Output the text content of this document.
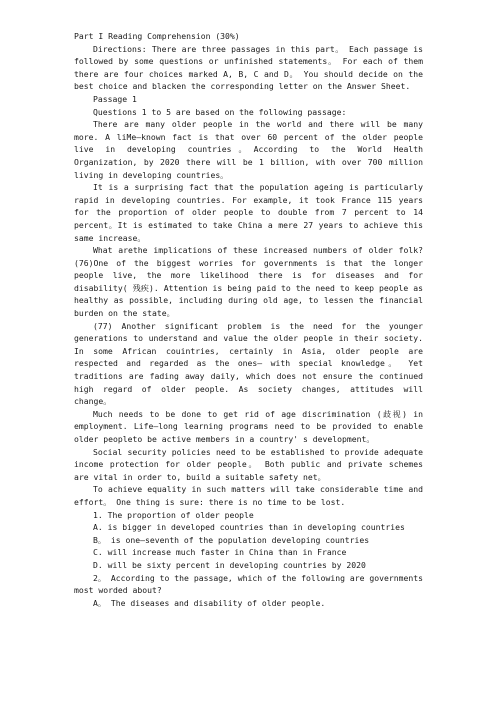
Part I Reading Comprehension (30%)

Directions: There are three passages in this part。 Each passage is followed by some questions or unfinished statements。 For each of them there are four choices marked A, B, C and D。 You should decide on the best choice and blacken the corresponding letter on the Answer Sheet.

Passage 1
Questions 1 to 5 are based on the following passage:

There are many older people in the world and there will be many more. A liMe—known fact is that over 60 percent of the older people live in developing countries。According to the World Health Organization, by 2020 there will be 1 billion, with over 700 million living in developing countries。

It is a surprising fact that the population ageing is particularly rapid in developing countries. For example, it took France 115 years for the proportion of older people to double from 7 percent to 14 percent。It is estimated to take China a mere 27 years to achieve this same increase。

What arethe implications of these increased numbers of older folk? (76)One of the biggest worries for governments is that the longer people live, the more likelihood there is for diseases and for disability( 残疾). Attention is being paid to the need to keep people as healthy as possible, including during old age, to lessen the financial burden on the state。

(77) Another significant problem is the need for the younger generations to understand and value the older people in their society. In some African couintries, certainly in Asia, older people are respected and regarded as the ones— with special knowledge。 Yet traditions are fading away daily, which does not ensure the continued high regard of older people. As society changes, attitudes will change。

Much needs to be done to get rid of age discrimination (歧视) in employment. Life—long learning programs need to be provided to enable older peopleto be active members in a country' s development。

Social security policies need to be established to provide adequate income protection for older people。 Both public and private schemes are vital in order to, build a suitable safety net。

To achieve equality in such matters will take considerable time and effort。 One thing is sure: there is no time to be lost.

1. The proportion of older people
A. is bigger in developed countries than in developing countries
B。 is one—seventh of the population developing countries
C. will increase much faster in China than in France
D. will be sixty percent in developing countries by 2020

2。 According to the passage, which of the following are governments most worded about?

A。 The diseases and disability of older people.
